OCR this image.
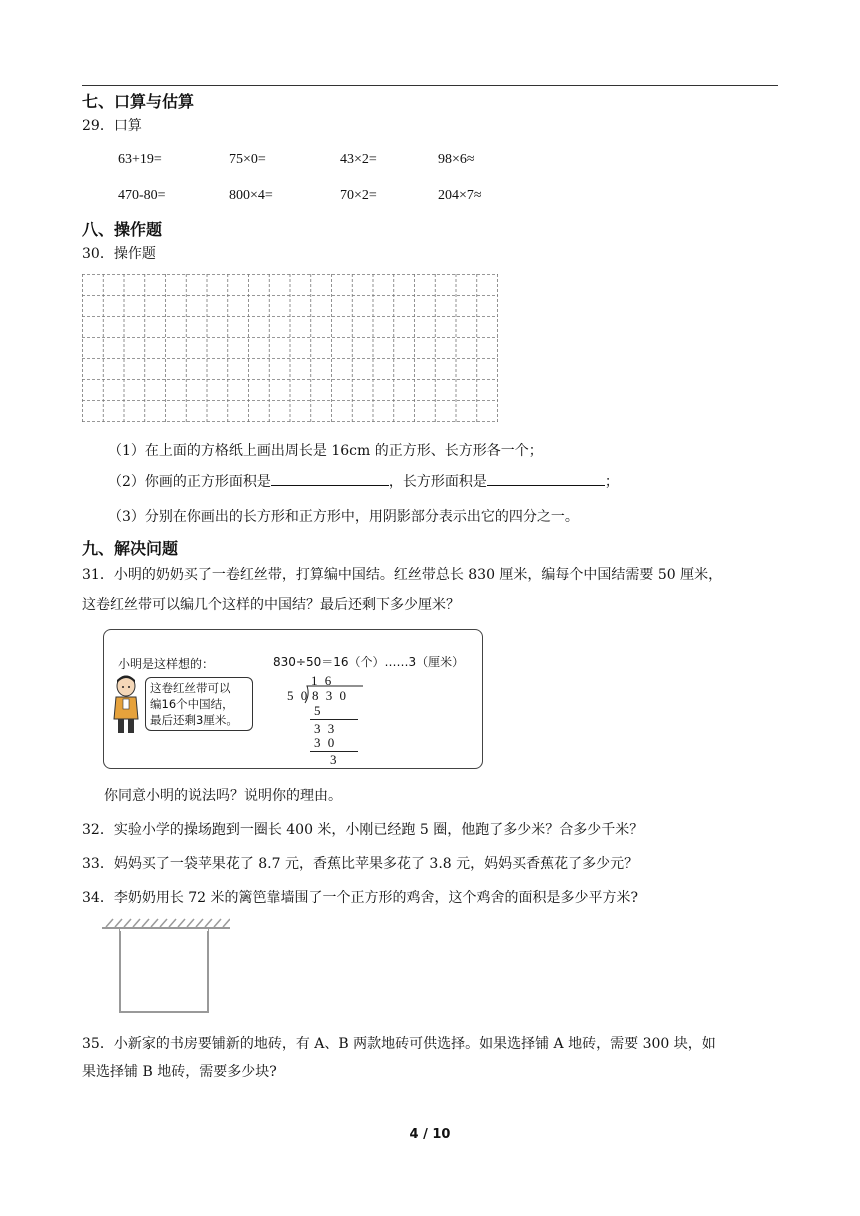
七、口算与估算
29．口算
63+19=	75×0=	43×2=	98×6≈
470-80=	800×4=	70×2=	204×7≈
八、操作题
30．操作题
（1）在上面的方格纸上画出周长是 16cm 的正方形、长方形各一个；
（2）你画的正方形面积是	，长方形面积是	；
（3）分别在你画出的长方形和正方形中，用阴影部分表示出它的四分之一。
九、解决问题
31．小明的奶奶买了一卷红丝带，打算编中国结。红丝带总长 830 厘米，编每个中国结需要 50 厘米，
这卷红丝带可以编几个这样的中国结？最后还剩下多少厘米？
小明是这样想的：
这卷红丝带可以
编16个中国结，
最后还剩3厘米。
830÷50＝16（个）……3（厘米）
1 6
5 0 8 3 0
5
3 3
3 0
3
你同意小明的说法吗？说明你的理由。
32．实验小学的操场跑到一圈长 400 米，小刚已经跑 5 圈，他跑了多少米？合多少千米？
33．妈妈买了一袋苹果花了 8.7 元，香蕉比苹果多花了 3.8 元，妈妈买香蕉花了多少元？
34．李奶奶用长 72 米的篱笆靠墙围了一个正方形的鸡舍，这个鸡舍的面积是多少平方米?
35．小新家的书房要铺新的地砖，有 A、B 两款地砖可供选择。如果选择铺 A 地砖，需要 300 块，如
果选择铺 B 地砖，需要多少块?
4 / 10
